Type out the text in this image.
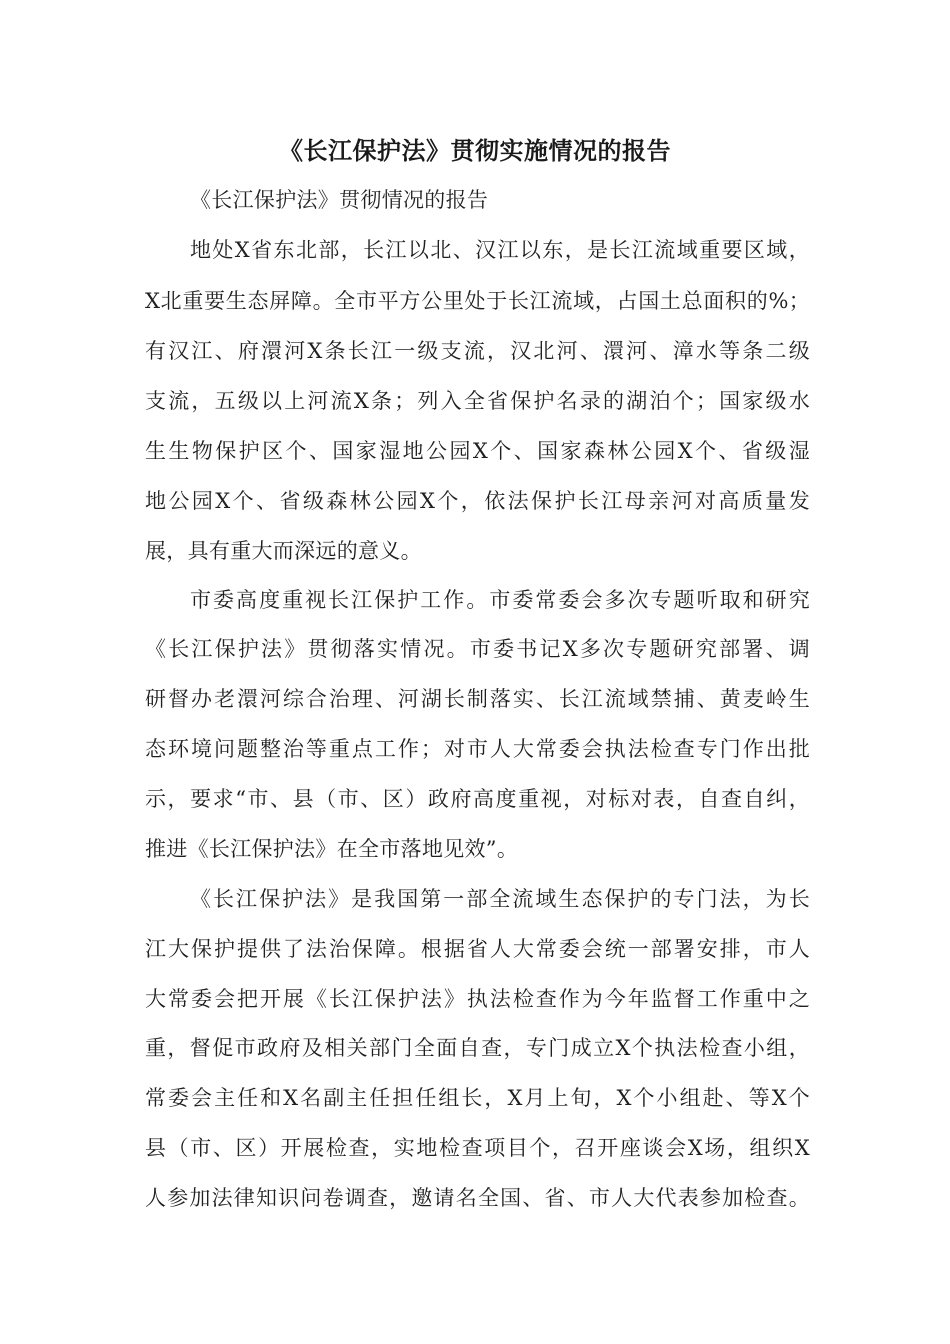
《长江保护法》贯彻实施情况的报告
《长江保护法》贯彻情况的报告
地处X省东北部，长江以北、汉江以东，是长江流域重要区域，
X北重要生态屏障。全市平方公里处于长江流域，占国土总面积的%；
有汉江、府澴河X条长江一级支流，汉北河、澴河、漳水等条二级
支流，五级以上河流X条；列入全省保护名录的湖泊个；国家级水
生生物保护区个、国家湿地公园X个、国家森林公园X个、省级湿
地公园X个、省级森林公园X个，依法保护长江母亲河对高质量发
展，具有重大而深远的意义。
市委高度重视长江保护工作。市委常委会多次专题听取和研究
《长江保护法》贯彻落实情况。市委书记X多次专题研究部署、调
研督办老澴河综合治理、河湖长制落实、长江流域禁捕、黄麦岭生
态环境问题整治等重点工作；对市人大常委会执法检查专门作出批
示，要求“市、县（市、区）政府高度重视，对标对表，自查自纠，
推进《长江保护法》在全市落地见效”。
《长江保护法》是我国第一部全流域生态保护的专门法，为长
江大保护提供了法治保障。根据省人大常委会统一部署安排，市人
大常委会把开展《长江保护法》执法检查作为今年监督工作重中之
重，督促市政府及相关部门全面自查，专门成立X个执法检查小组，
常委会主任和X名副主任担任组长，X月上旬，X个小组赴、等X个
县（市、区）开展检查，实地检查项目个，召开座谈会X场，组织X
人参加法律知识问卷调查，邀请名全国、省、市人大代表参加检查。
